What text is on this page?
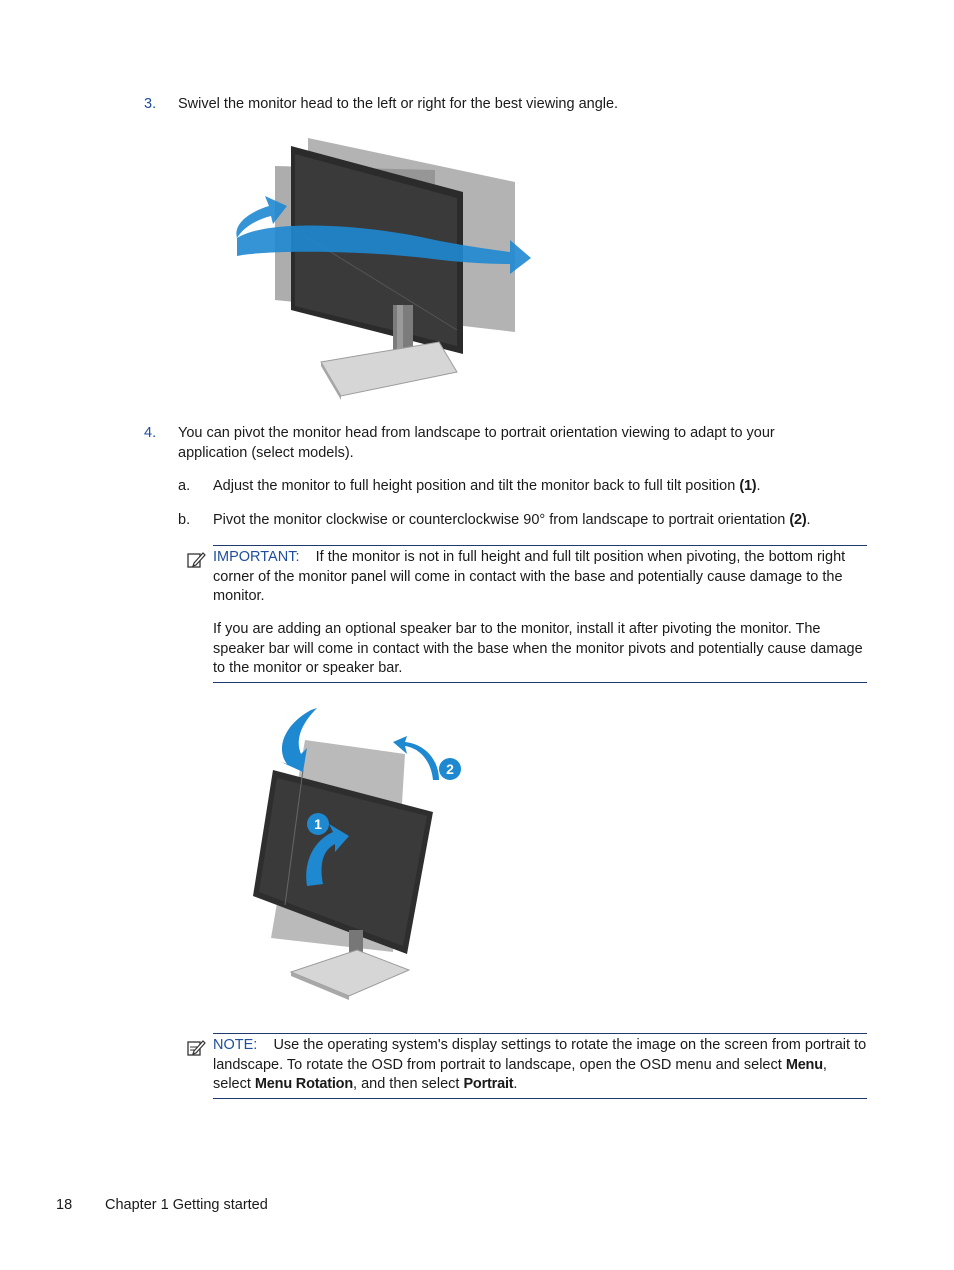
3. Swivel the monitor head to the left or right for the best viewing angle.
4. You can pivot the monitor head from landscape to portrait orientation viewing to adapt to your application (select models).
a. Adjust the monitor to full height position and tilt the monitor back to full tilt position (1).
b. Pivot the monitor clockwise or counterclockwise 90° from landscape to portrait orientation (2).
IMPORTANT: If the monitor is not in full height and full tilt position when pivoting, the bottom right corner of the monitor panel will come in contact with the base and potentially cause damage to the monitor.
If you are adding an optional speaker bar to the monitor, install it after pivoting the monitor. The speaker bar will come in contact with the base when the monitor pivots and potentially cause damage to the monitor or speaker bar.
1
2
NOTE: Use the operating system's display settings to rotate the image on the screen from portrait to landscape. To rotate the OSD from portrait to landscape, open the OSD menu and select Menu, select Menu Rotation, and then select Portrait.
18 Chapter 1 Getting started
